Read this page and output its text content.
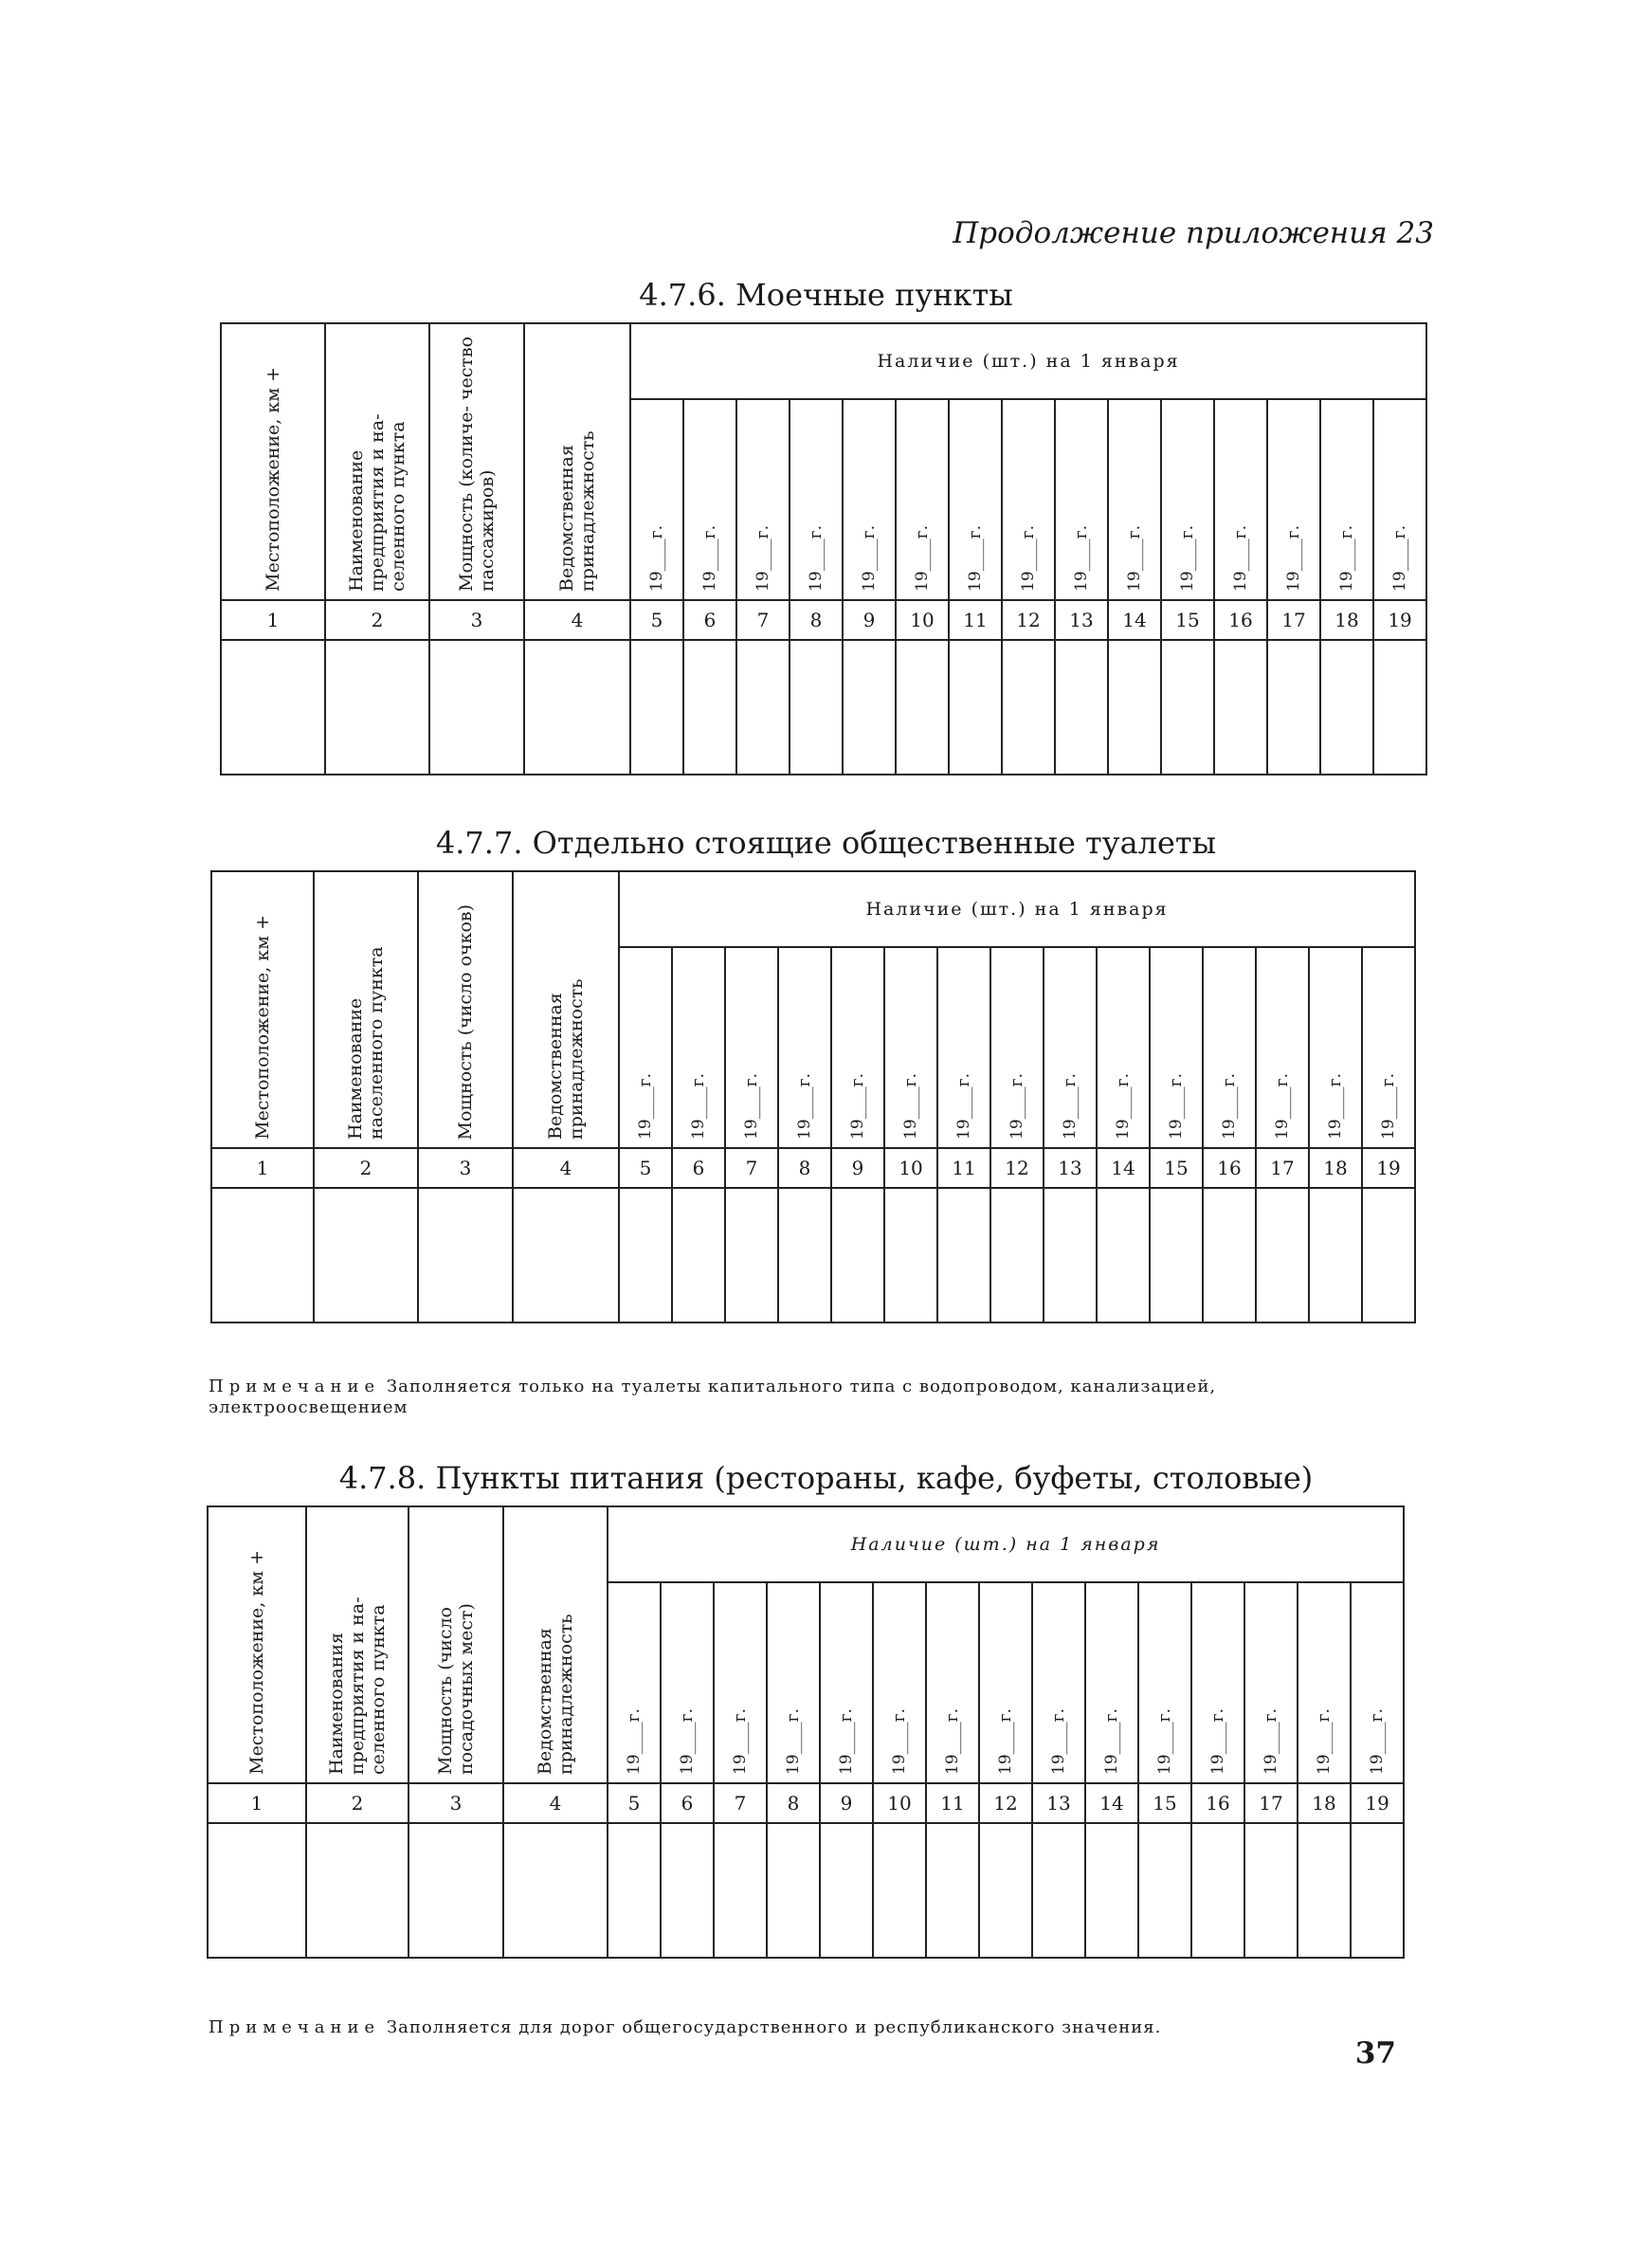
Продолжение приложения 23
4.7.6. Моечные пункты
Местоположение, км +	Наименование предприятия и на- селенного пункта	Мощность (количе- чество пассажиров)	Ведомственная принадлежность	Наличие (шт.) на 1 января														

				19____г.	19____г.	19____г.	19____г.	19____г.	19____г.	19____г.	19____г.	19____г.	19____г.	19____г.	19____г.	19____г.	19____г.	19____г.

1	2	3	4	5	6	7	8	9	10	11	12	13	14	15	16	17	18	19

4.7.7. Отдельно стоящие общественные туалеты
Местоположение, км +	Наименование населенного пункта	Мощность (число очков)	Ведомственная принадлежность	Наличие (шт.) на 1 января														

				19____г.	19____г.	19____г.	19____г.	19____г.	19____г.	19____г.	19____г.	19____г.	19____г.	19____г.	19____г.	19____г.	19____г.	19____г.

1	2	3	4	5	6	7	8	9	10	11	12	13	14	15	16	17	18	19

Примечание Заполняется только на туалеты капитального типа с водопроводом, канализацией, электроосвещением
4.7.8. Пункты питания (рестораны, кафе, буфеты, столовые)
Местоположение, км +	Наименования предприятия и на- селенного пункта	Мощность (число посадочных мест)	Ведомственная принадлежность	Наличие (шт.) на 1 января														

				19____г.	19____г.	19____г.	19____г.	19____г.	19____г.	19____г.	19____г.	19____г.	19____г.	19____г.	19____г.	19____г.	19____г.	19____г.

1	2	3	4	5	6	7	8	9	10	11	12	13	14	15	16	17	18	19

Примечание Заполняется для дорог общегосударственного и республиканского значения.
37
